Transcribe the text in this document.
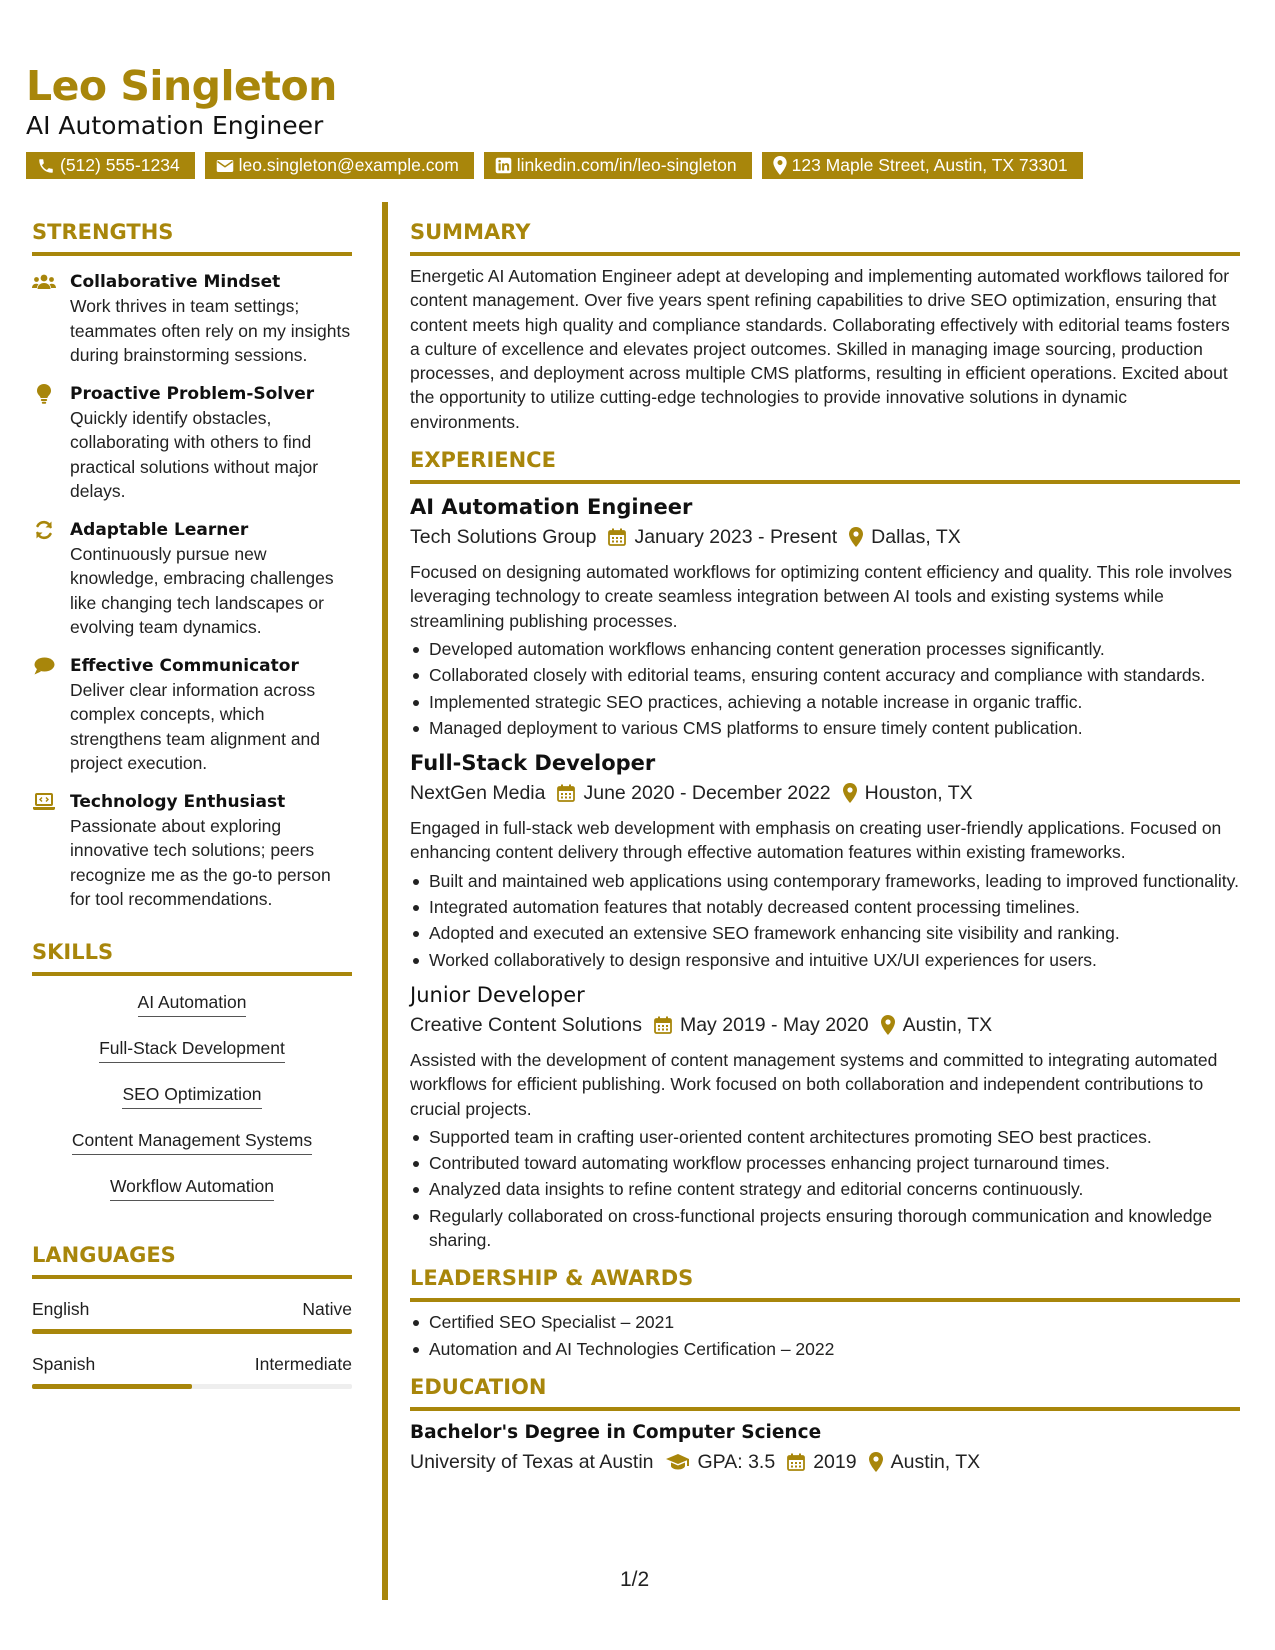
Leo Singleton
AI Automation Engineer
(512) 555-1234	leo.singleton@example.com	linkedin.com/in/leo-singleton	123 Maple Street, Austin, TX 73301
STRENGTHS
Collaborative Mindset
Work thrives in team settings; teammates often rely on my insights during brainstorming sessions.
Proactive Problem-Solver
Quickly identify obstacles, collaborating with others to find practical solutions without major delays.
Adaptable Learner
Continuously pursue new knowledge, embracing challenges like changing tech landscapes or evolving team dynamics.
Effective Communicator
Deliver clear information across complex concepts, which strengthens team alignment and project execution.
Technology Enthusiast
Passionate about exploring innovative tech solutions; peers recognize me as the go-to person for tool recommendations.
SKILLS
AI Automation
Full-Stack Development
SEO Optimization
Content Management Systems
Workflow Automation
LANGUAGES
English	Native
Spanish	Intermediate
SUMMARY
Energetic AI Automation Engineer adept at developing and implementing automated workflows tailored for content management. Over five years spent refining capabilities to drive SEO optimization, ensuring that content meets high quality and compliance standards. Collaborating effectively with editorial teams fosters a culture of excellence and elevates project outcomes. Skilled in managing image sourcing, production processes, and deployment across multiple CMS platforms, resulting in efficient operations. Excited about the opportunity to utilize cutting-edge technologies to provide innovative solutions in dynamic environments.
EXPERIENCE
AI Automation Engineer
Tech Solutions Group January 2023 - Present Dallas, TX
Focused on designing automated workflows for optimizing content efficiency and quality. This role involves leveraging technology to create seamless integration between AI tools and existing systems while streamlining publishing processes.
Developed automation workflows enhancing content generation processes significantly.
Collaborated closely with editorial teams, ensuring content accuracy and compliance with standards.
Implemented strategic SEO practices, achieving a notable increase in organic traffic.
Managed deployment to various CMS platforms to ensure timely content publication.
Full-Stack Developer
NextGen Media June 2020 - December 2022 Houston, TX
Engaged in full-stack web development with emphasis on creating user-friendly applications. Focused on enhancing content delivery through effective automation features within existing frameworks.
Built and maintained web applications using contemporary frameworks, leading to improved functionality.
Integrated automation features that notably decreased content processing timelines.
Adopted and executed an extensive SEO framework enhancing site visibility and ranking.
Worked collaboratively to design responsive and intuitive UX/UI experiences for users.
Junior Developer
Creative Content Solutions May 2019 - May 2020 Austin, TX
Assisted with the development of content management systems and committed to integrating automated workflows for efficient publishing. Work focused on both collaboration and independent contributions to crucial projects.
Supported team in crafting user-oriented content architectures promoting SEO best practices.
Contributed toward automating workflow processes enhancing project turnaround times.
Analyzed data insights to refine content strategy and editorial concerns continuously.
Regularly collaborated on cross-functional projects ensuring thorough communication and knowledge sharing.
LEADERSHIP & AWARDS
Certified SEO Specialist – 2021
Automation and AI Technologies Certification – 2022
EDUCATION
Bachelor's Degree in Computer Science
University of Texas at Austin GPA: 3.5 2019 Austin, TX
1/2
